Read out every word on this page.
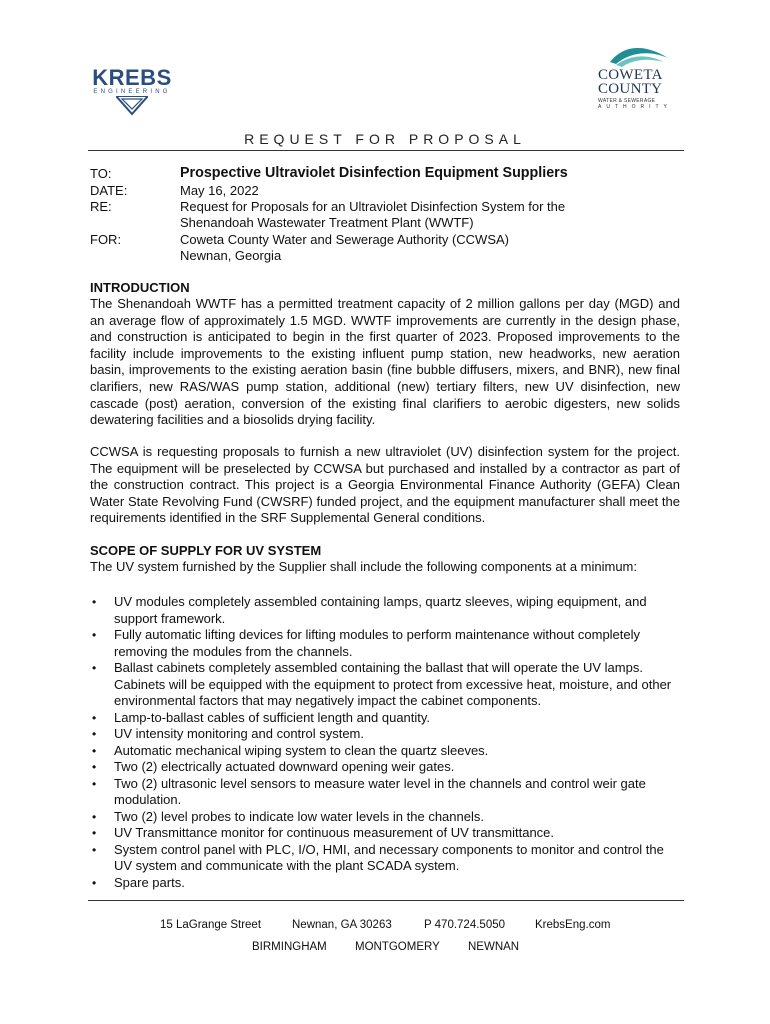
KREBS
ENGINEERING
COWETA
COUNTY
WATER & SEWERAGE
AUTHORITY
REQUEST FOR PROPOSAL
TO:	Prospective Ultraviolet Disinfection Equipment Suppliers
DATE:	May 16, 2022
RE:	Request for Proposals for an Ultraviolet Disinfection System for the
Shenandoah Wastewater Treatment Plant (WWTF)
FOR:	Coweta County Water and Sewerage Authority (CCWSA)
Newnan, Georgia
INTRODUCTION
The Shenandoah WWTF has a permitted treatment capacity of 2 million gallons per day (MGD) and an average flow of approximately 1.5 MGD. WWTF improvements are currently in the design phase, and construction is anticipated to begin in the first quarter of 2023. Proposed improvements to the facility include improvements to the existing influent pump station, new headworks, new aeration basin, improvements to the existing aeration basin (fine bubble diffusers, mixers, and BNR), new final clarifiers, new RAS/WAS pump station, additional (new) tertiary filters, new UV disinfection, new cascade (post) aeration, conversion of the existing final clarifiers to aerobic digesters, new solids dewatering facilities and a biosolids drying facility.
CCWSA is requesting proposals to furnish a new ultraviolet (UV) disinfection system for the project. The equipment will be preselected by CCWSA but purchased and installed by a contractor as part of the construction contract. This project is a Georgia Environmental Finance Authority (GEFA) Clean Water State Revolving Fund (CWSRF) funded project, and the equipment manufacturer shall meet the requirements identified in the SRF Supplemental General conditions.
SCOPE OF SUPPLY FOR UV SYSTEM
The UV system furnished by the Supplier shall include the following components at a minimum:
• UV modules completely assembled containing lamps, quartz sleeves, wiping equipment, and support framework.
• Fully automatic lifting devices for lifting modules to perform maintenance without completely removing the modules from the channels.
• Ballast cabinets completely assembled containing the ballast that will operate the UV lamps. Cabinets will be equipped with the equipment to protect from excessive heat, moisture, and other environmental factors that may negatively impact the cabinet components.
• Lamp-to-ballast cables of sufficient length and quantity.
• UV intensity monitoring and control system.
• Automatic mechanical wiping system to clean the quartz sleeves.
• Two (2) electrically actuated downward opening weir gates.
• Two (2) ultrasonic level sensors to measure water level in the channels and control weir gate modulation.
• Two (2) level probes to indicate low water levels in the channels.
• UV Transmittance monitor for continuous measurement of UV transmittance.
• System control panel with PLC, I/O, HMI, and necessary components to monitor and control the UV system and communicate with the plant SCADA system.
• Spare parts.
15 LaGrange Street	Newnan, GA 30263	P 470.724.5050	KrebsEng.com
BIRMINGHAM MONTGOMERY NEWNAN
